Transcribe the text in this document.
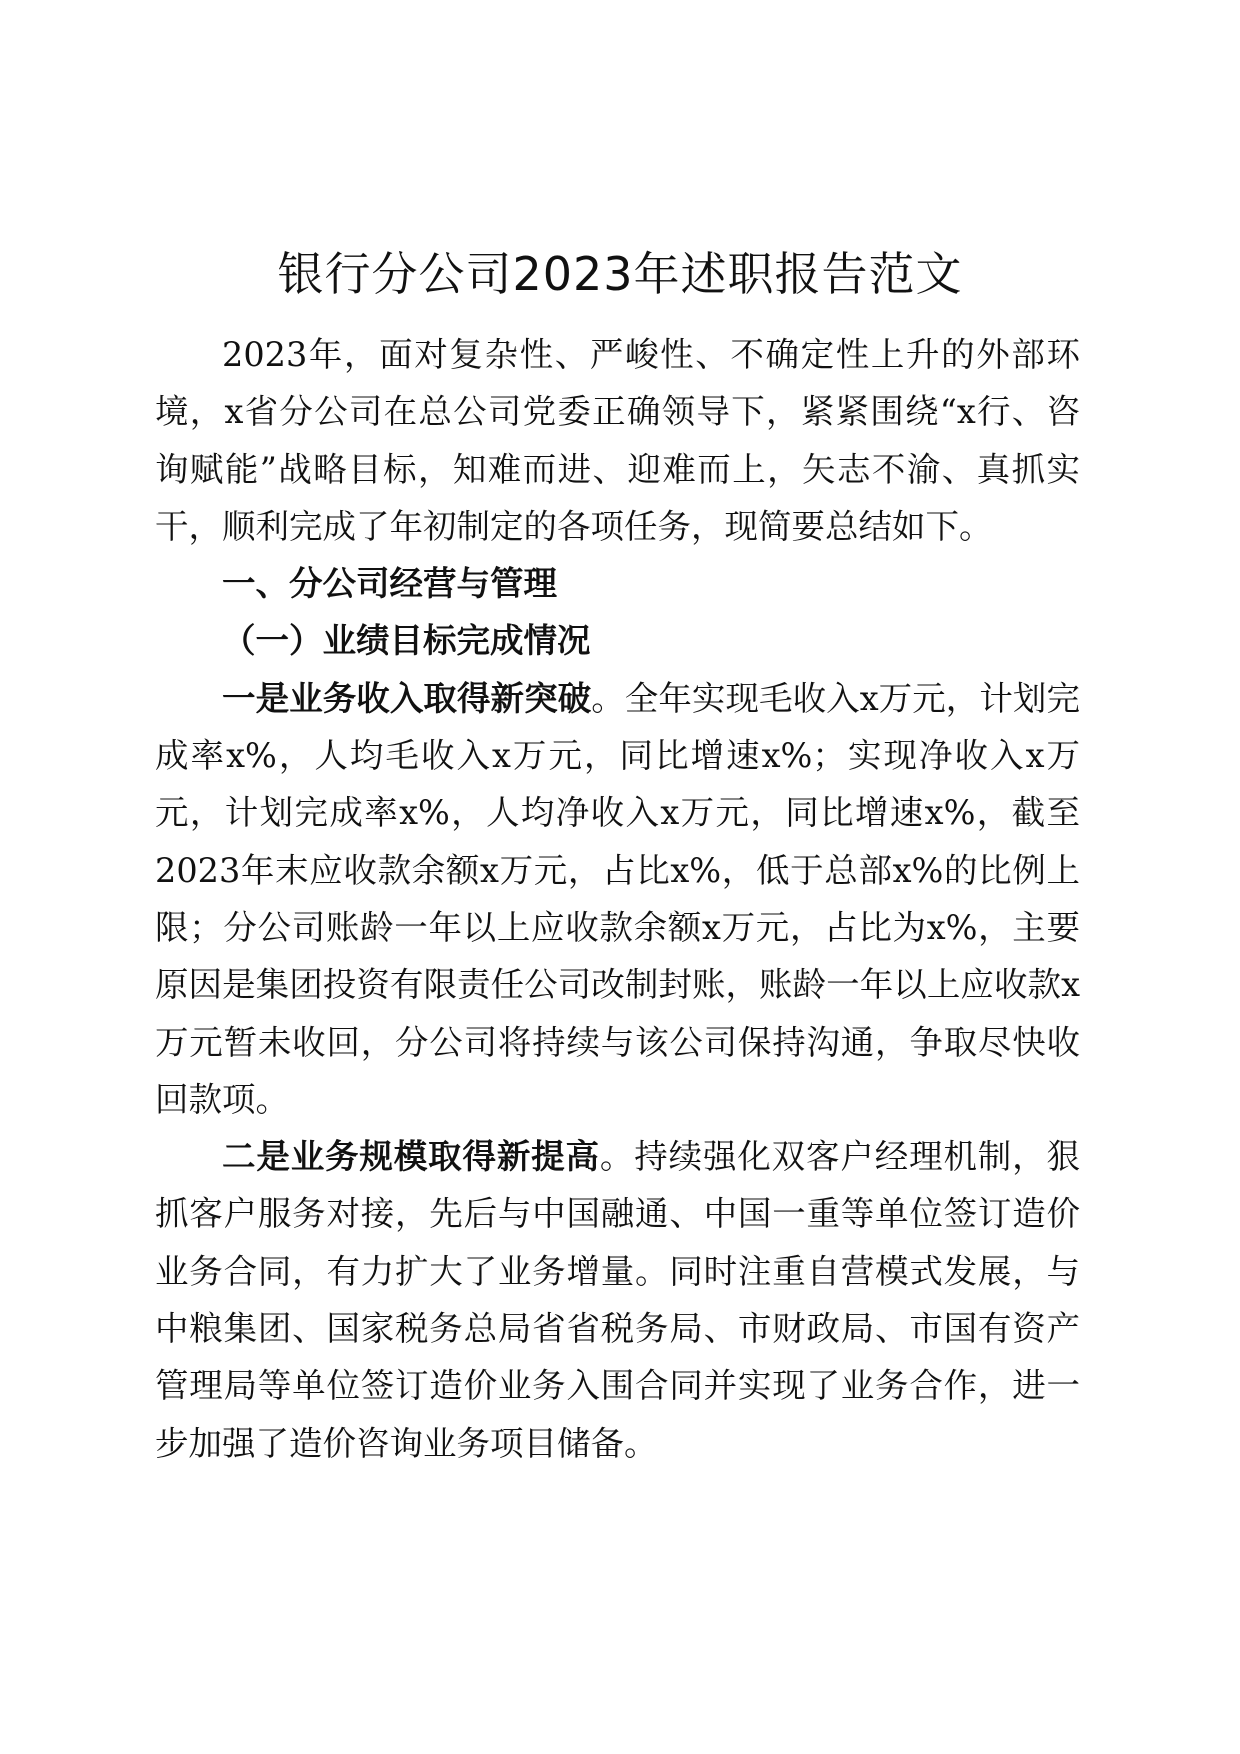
银行分公司2023年述职报告范文

2023年，面对复杂性、严峻性、不确定性上升的外部环境，x省分公司在总公司党委正确领导下，紧紧围绕“x行、咨询赋能”战略目标，知难而进、迎难而上，矢志不渝、真抓实干，顺利完成了年初制定的各项任务，现简要总结如下。

一、分公司经营与管理

（一）业绩目标完成情况

一是业务收入取得新突破。全年实现毛收入x万元，计划完成率x%，人均毛收入x万元，同比增速x%；实现净收入x万元，计划完成率x%，人均净收入x万元，同比增速x%，截至2023年末应收款余额x万元，占比x%，低于总部x%的比例上限；分公司账龄一年以上应收款余额x万元，占比为x%，主要原因是集团投资有限责任公司改制封账，账龄一年以上应收款x万元暂未收回，分公司将持续与该公司保持沟通，争取尽快收回款项。

二是业务规模取得新提高。持续强化双客户经理机制，狠抓客户服务对接，先后与中国融通、中国一重等单位签订造价业务合同，有力扩大了业务增量。同时注重自营模式发展，与中粮集团、国家税务总局省省税务局、市财政局、市国有资产管理局等单位签订造价业务入围合同并实现了业务合作，进一步加强了造价咨询业务项目储备。
